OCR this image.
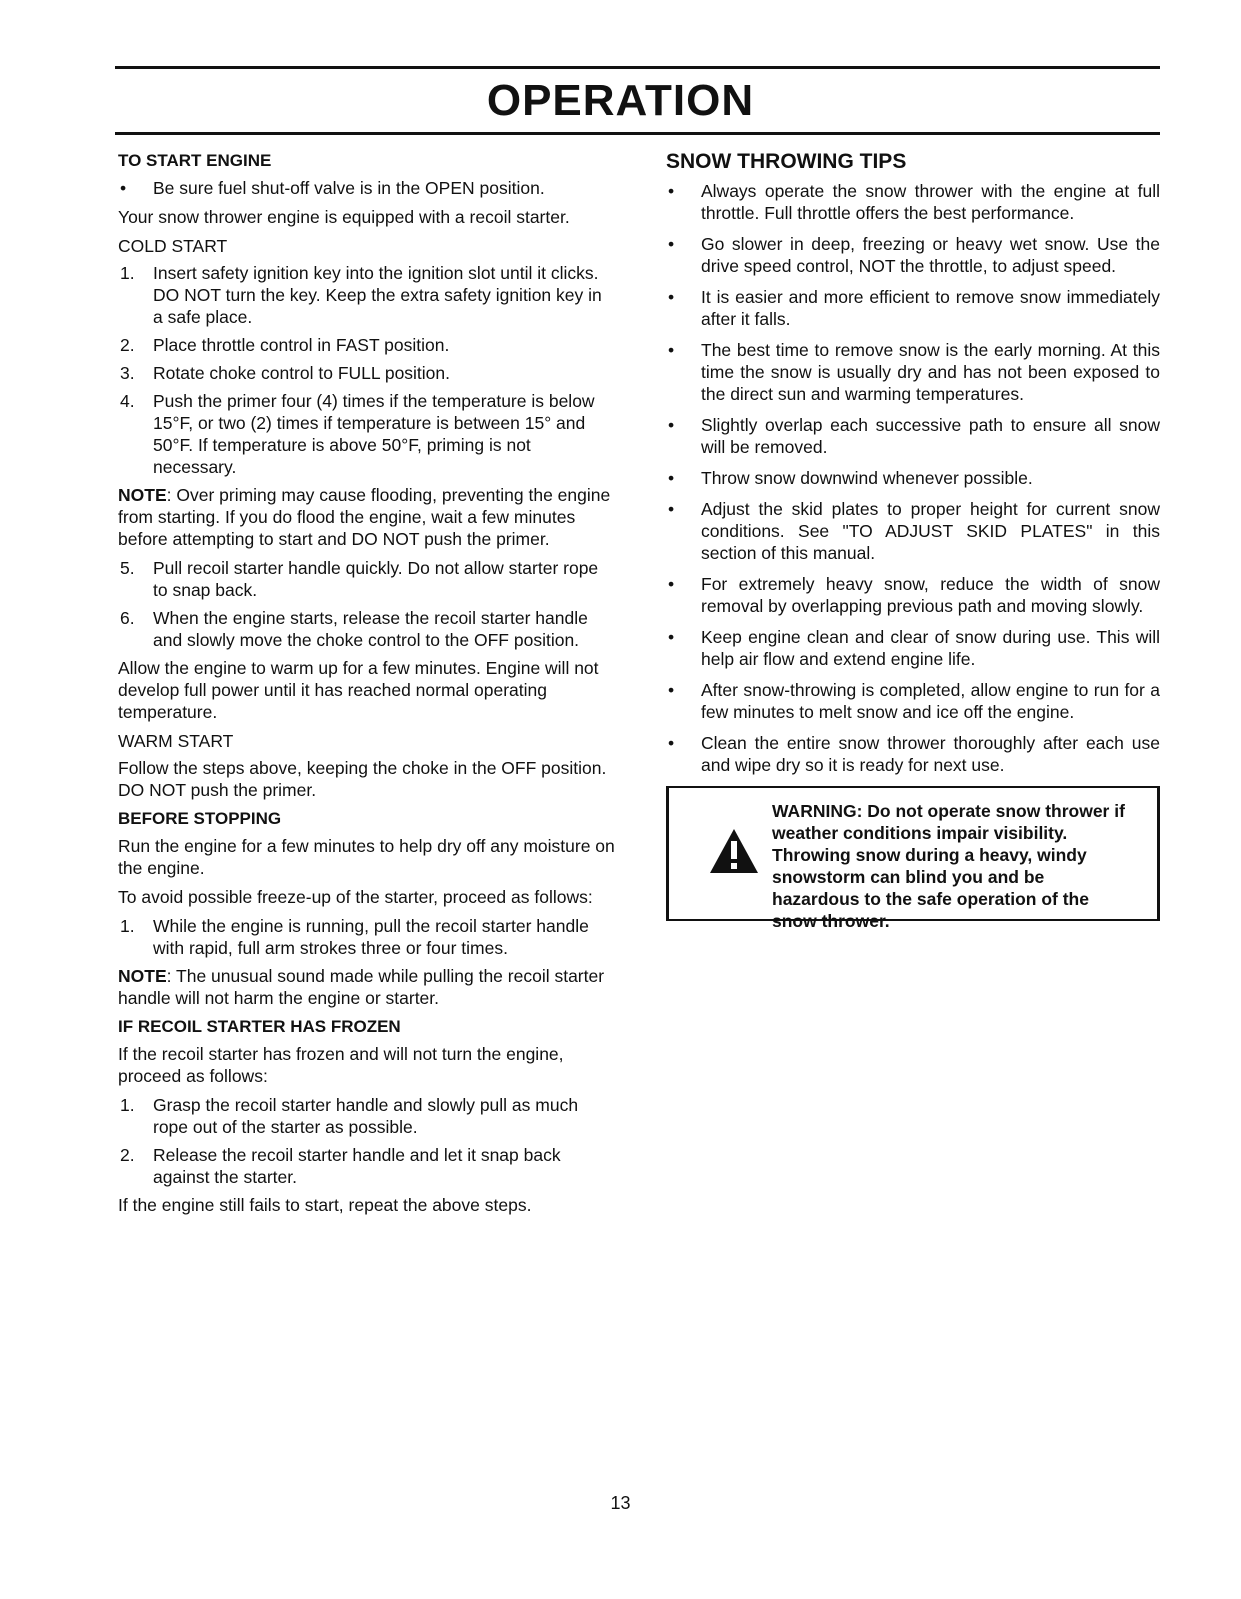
OPERATION
TO START ENGINE
• Be sure fuel shut-off valve is in the OPEN position.

Your snow thrower engine is equipped with a recoil starter.

COLD START

1. Insert safety ignition key into the ignition slot until it clicks. DO NOT turn the key. Keep the extra safety ignition key in a safe place.
2. Place throttle control in FAST position.
3. Rotate choke control to FULL position.
4. Push the primer four (4) times if the temperature is below 15°F, or two (2) times if temperature is between 15° and 50°F. If temperature is above 50°F, priming is not necessary.

NOTE: Over priming may cause flooding, preventing the engine from starting. If you do flood the engine, wait a few minutes before attempting to start and DO NOT push the primer.

5. Pull recoil starter handle quickly. Do not allow starter rope to snap back.
6. When the engine starts, release the recoil starter handle and slowly move the choke control to the OFF position.

Allow the engine to warm up for a few minutes. Engine will not develop full power until it has reached normal operating temperature.

WARM START

Follow the steps above, keeping the choke in the OFF position. DO NOT push the primer.

BEFORE STOPPING

Run the engine for a few minutes to help dry off any moisture on the engine.

To avoid possible freeze-up of the starter, proceed as follows:

1. While the engine is running, pull the recoil starter handle with rapid, full arm strokes three or four times.

NOTE: The unusual sound made while pulling the recoil starter handle will not harm the engine or starter.

IF RECOIL STARTER HAS FROZEN

If the recoil starter has frozen and will not turn the engine, proceed as follows:

1. Grasp the recoil starter handle and slowly pull as much rope out of the starter as possible.
2. Release the recoil starter handle and let it snap back against the starter.

If the engine still fails to start, repeat the above steps.

SNOW THROWING TIPS
• Always operate the snow thrower with the engine at full throttle. Full throttle offers the best performance.
• Go slower in deep, freezing or heavy wet snow. Use the drive speed control, NOT the throttle, to adjust speed.
• It is easier and more efficient to remove snow immediately after it falls.
• The best time to remove snow is the early morning. At this time the snow is usually dry and has not been exposed to the direct sun and warming temperatures.
• Slightly overlap each successive path to ensure all snow will be removed.
• Throw snow downwind whenever possible.
• Adjust the skid plates to proper height for current snow conditions. See "TO ADJUST SKID PLATES" in this section of this manual.
• For extremely heavy snow, reduce the width of snow removal by overlapping previous path and moving slowly.
• Keep engine clean and clear of snow during use. This will help air flow and extend engine life.
• After snow-throwing is completed, allow engine to run for a few minutes to melt snow and ice off the engine.
• Clean the entire snow thrower thoroughly after each use and wipe dry so it is ready for next use.
WARNING: Do not operate snow thrower if weather conditions impair visibility. Throwing snow during a heavy, windy snowstorm can blind you and be hazardous to the safe operation of the snow thrower.
13
